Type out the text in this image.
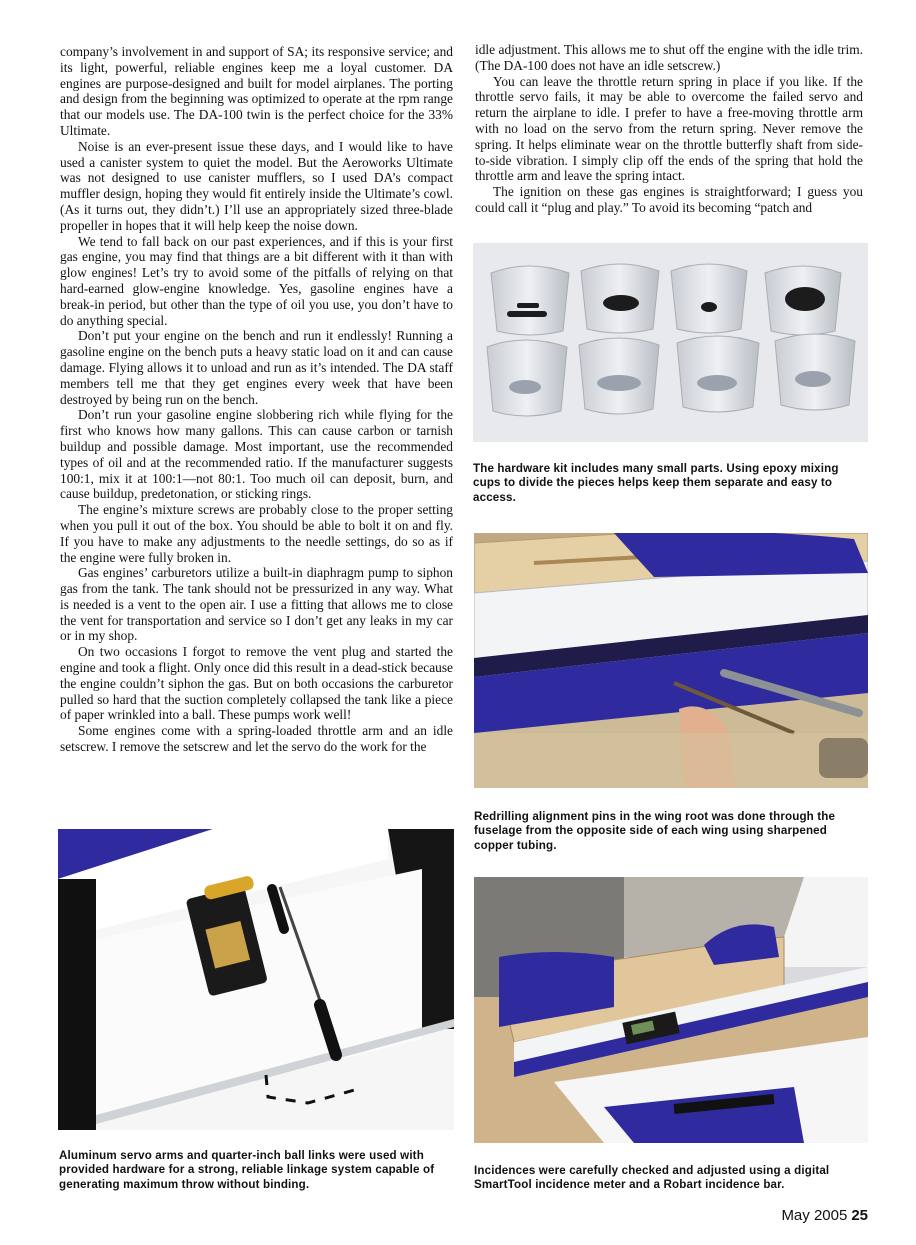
company’s involvement in and support of SA; its responsive service; and its light, powerful, reliable engines keep me a loyal customer. DA engines are purpose-designed and built for model airplanes. The porting and design from the beginning was optimized to operate at the rpm range that our models use. The DA-100 twin is the perfect choice for the 33% Ultimate.

Noise is an ever-present issue these days, and I would like to have used a canister system to quiet the model. But the Aeroworks Ultimate was not designed to use canister mufflers, so I used DA’s compact muffler design, hoping they would fit entirely inside the Ultimate’s cowl. (As it turns out, they didn’t.) I’ll use an appropriately sized three-blade propeller in hopes that it will help keep the noise down.

We tend to fall back on our past experiences, and if this is your first gas engine, you may find that things are a bit different with it than with glow engines! Let’s try to avoid some of the pitfalls of relying on that hard-earned glow-engine knowledge. Yes, gasoline engines have a break-in period, but other than the type of oil you use, you don’t have to do anything special.

Don’t put your engine on the bench and run it endlessly! Running a gasoline engine on the bench puts a heavy static load on it and can cause damage. Flying allows it to unload and run as it’s intended. The DA staff members tell me that they get engines every week that have been destroyed by being run on the bench.

Don’t run your gasoline engine slobbering rich while flying for the first who knows how many gallons. This can cause carbon or tarnish buildup and possible damage. Most important, use the recommended types of oil and at the recommended ratio. If the manufacturer suggests 100:1, mix it at 100:1—not 80:1. Too much oil can deposit, burn, and cause buildup, predetonation, or sticking rings.

The engine’s mixture screws are probably close to the proper setting when you pull it out of the box. You should be able to bolt it on and fly. If you have to make any adjustments to the needle settings, do so as if the engine were fully broken in.

Gas engines’ carburetors utilize a built-in diaphragm pump to siphon gas from the tank. The tank should not be pressurized in any way. What is needed is a vent to the open air. I use a fitting that allows me to close the vent for transportation and service so I don’t get any leaks in my car or in my shop.

On two occasions I forgot to remove the vent plug and started the engine and took a flight. Only once did this result in a dead-stick because the engine couldn’t siphon the gas. But on both occasions the carburetor pulled so hard that the suction completely collapsed the tank like a piece of paper wrinkled into a ball. These pumps work well!

Some engines come with a spring-loaded throttle arm and an idle setscrew. I remove the setscrew and let the servo do the work for the

idle adjustment. This allows me to shut off the engine with the idle trim. (The DA-100 does not have an idle setscrew.)

You can leave the throttle return spring in place if you like. If the throttle servo fails, it may be able to overcome the failed servo and return the airplane to idle. I prefer to have a free-moving throttle arm with no load on the servo from the return spring. Never remove the spring. It helps eliminate wear on the throttle butterfly shaft from side-to-side vibration. I simply clip off the ends of the spring that hold the throttle arm and leave the spring intact.

The ignition on these gas engines is straightforward; I guess you could call it “plug and play.” To avoid its becoming “patch and

The hardware kit includes many small parts. Using epoxy mixing cups to divide the pieces helps keep them separate and easy to access.
Redrilling alignment pins in the wing root was done through the fuselage from the opposite side of each wing using sharpened copper tubing.
Aluminum servo arms and quarter-inch ball links were used with provided hardware for a strong, reliable linkage system capable of generating maximum throw without binding.
Incidences were carefully checked and adjusted using a digital SmartTool incidence meter and a Robart incidence bar.
May 2005 25
